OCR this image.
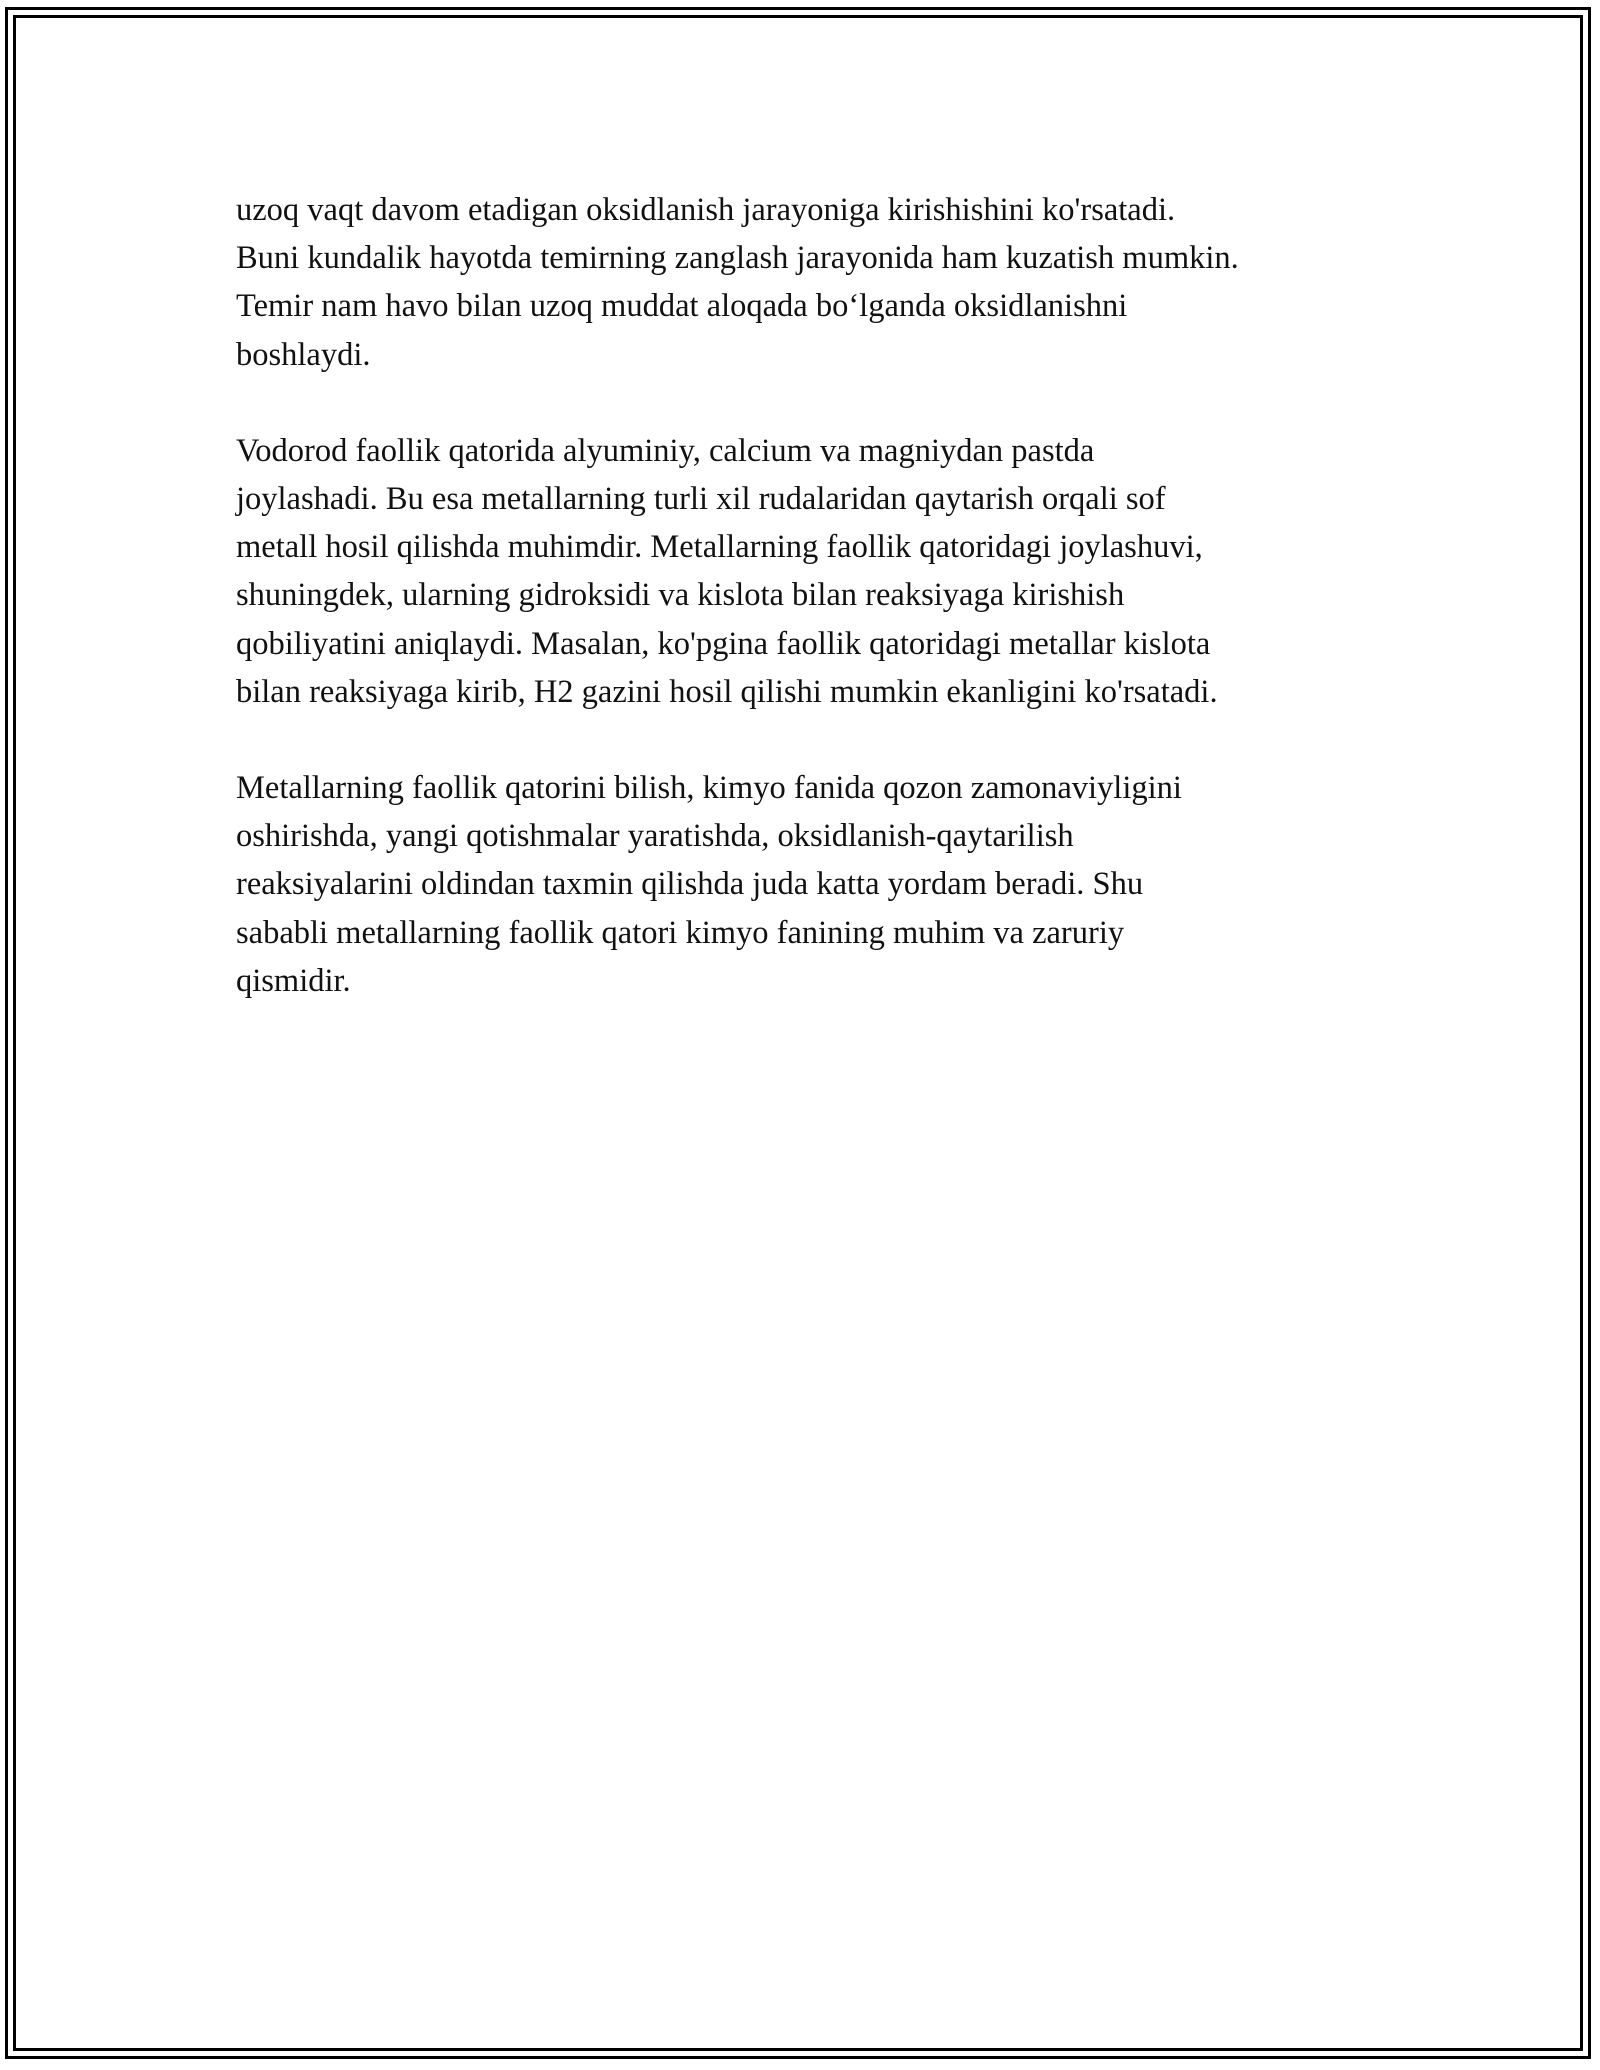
uzoq vaqt davom etadigan oksidlanish jarayoniga kirishishini ko'rsatadi.
Buni kundalik hayotda temirning zanglash jarayonida ham kuzatish mumkin.
Temir nam havo bilan uzoq muddat aloqada bo‘lganda oksidlanishni
boshlaydi.

Vodorod faollik qatorida alyuminiy, calcium va magniydan pastda
joylashadi. Bu esa metallarning turli xil rudalaridan qaytarish orqali sof
metall hosil qilishda muhimdir. Metallarning faollik qatoridagi joylashuvi,
shuningdek, ularning gidroksidi va kislota bilan reaksiyaga kirishish
qobiliyatini aniqlaydi. Masalan, ko'pgina faollik qatoridagi metallar kislota
bilan reaksiyaga kirib, H2 gazini hosil qilishi mumkin ekanligini ko'rsatadi.

Metallarning faollik qatorini bilish, kimyo fanida qozon zamonaviyligini
oshirishda, yangi qotishmalar yaratishda, oksidlanish-qaytarilish
reaksiyalarini oldindan taxmin qilishda juda katta yordam beradi. Shu
sababli metallarning faollik qatori kimyo fanining muhim va zaruriy
qismidir.
